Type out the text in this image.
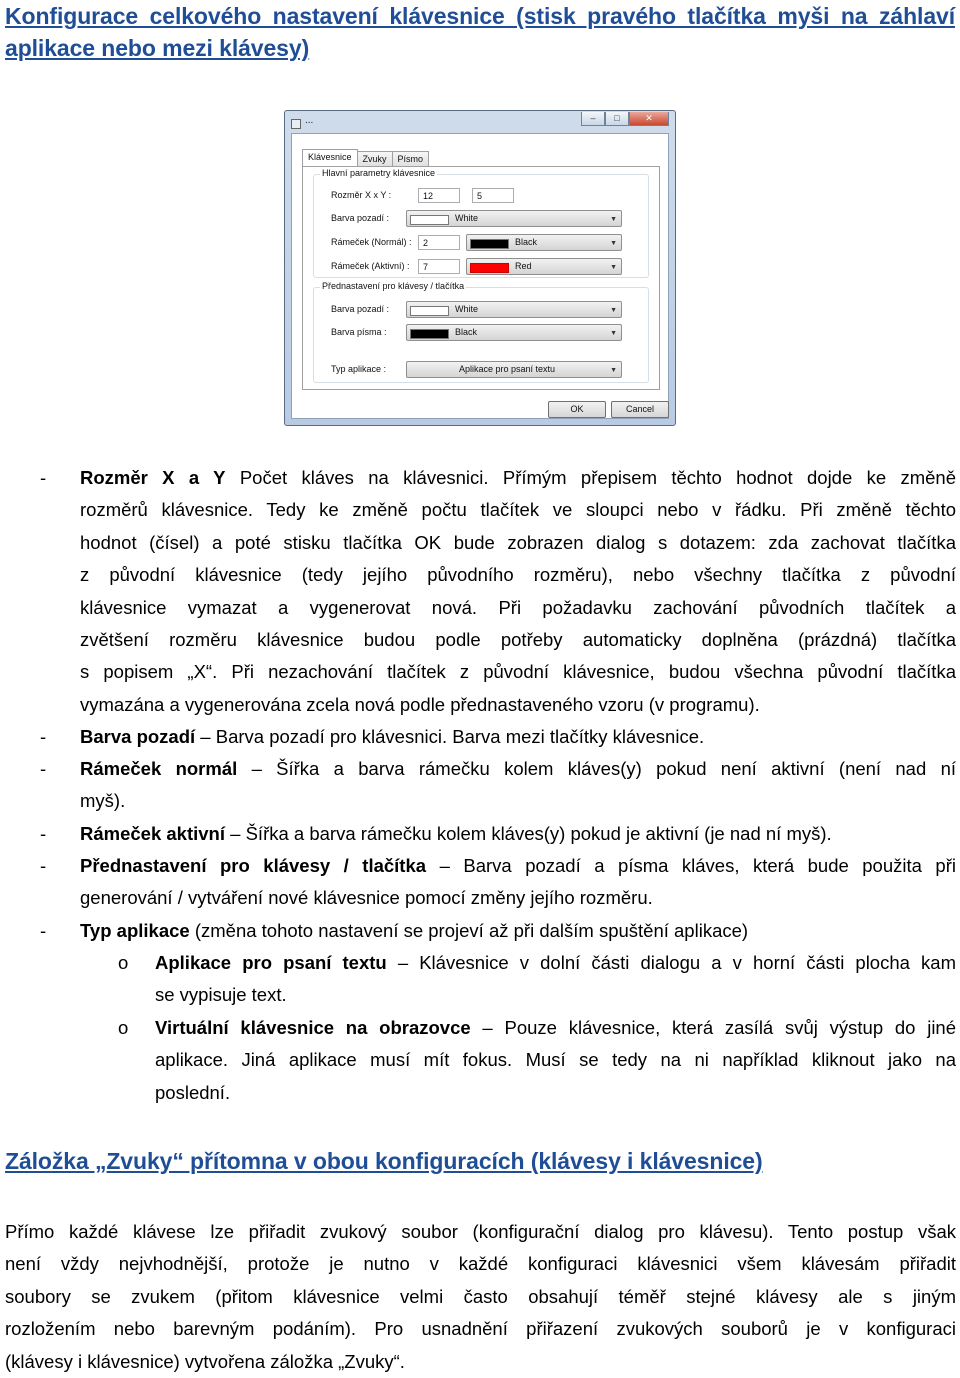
Konfigurace celkového nastavení klávesnice (stisk pravého tlačítka myši na záhlaví aplikace nebo mezi klávesy)
...	–	□	✕
Klávesnice	Zvuky	Písmo
Hlavní parametry klávesnice
Rozměr X x Y :	12	5
Barva pozadí :	White	▼
Rámeček (Normál) :	2	Black	▼
Rámeček (Aktivní) :	7	Red	▼
Přednastavení pro klávesy / tlačítka
Barva pozadí :	White	▼
Barva písma :	Black	▼
Typ aplikace :	Aplikace pro psaní textu	▼
OK	Cancel
- Rozměr X a Y Počet kláves na klávesnici. Přímým přepisem těchto hodnot dojde ke změně
rozměrů klávesnice. Tedy ke změně počtu tlačítek ve sloupci nebo v řádku. Při změně těchto
hodnot (čísel) a poté stisku tlačítka OK bude zobrazen dialog s dotazem: zda zachovat tlačítka
z původní klávesnice (tedy jejího původního rozměru), nebo všechny tlačítka z původní
klávesnice vymazat a vygenerovat nová. Při požadavku zachování původních tlačítek a
zvětšení rozměru klávesnice budou podle potřeby automaticky doplněna (prázdná) tlačítka
s popisem „X“. Při nezachování tlačítek z původní klávesnice, budou všechna původní tlačítka
vymazána a vygenerována zcela nová podle přednastaveného vzoru (v programu).
- Barva pozadí – Barva pozadí pro klávesnici. Barva mezi tlačítky klávesnice.
- Rámeček normál – Šířka a barva rámečku kolem kláves(y) pokud není aktivní (není nad ní
myš).
- Rámeček aktivní – Šířka a barva rámečku kolem kláves(y) pokud je aktivní (je nad ní myš).
- Přednastavení pro klávesy / tlačítka – Barva pozadí a písma kláves, která bude použita při
generování / vytváření nové klávesnice pomocí změny jejího rozměru.
- Typ aplikace (změna tohoto nastavení se projeví až při dalším spuštění aplikace)
o Aplikace pro psaní textu – Klávesnice v dolní části dialogu a v horní části plocha kam
se vypisuje text.
o Virtuální klávesnice na obrazovce – Pouze klávesnice, která zasílá svůj výstup do jiné
aplikace. Jiná aplikace musí mít fokus. Musí se tedy na ni například kliknout jako na
poslední.
Záložka „Zvuky“ přítomna v obou konfiguracích (klávesy i klávesnice)
Přímo každé klávese lze přiřadit zvukový soubor (konfigurační dialog pro klávesu). Tento postup však
není vždy nejvhodnější, protože je nutno v každé konfiguraci klávesnici všem klávesám přiřadit
soubory se zvukem (přitom klávesnice velmi často obsahují téměř stejné klávesy ale s jiným
rozložením nebo barevným podáním). Pro usnadnění přiřazení zvukových souborů je v konfiguraci
(klávesy i klávesnice) vytvořena záložka „Zvuky“.
